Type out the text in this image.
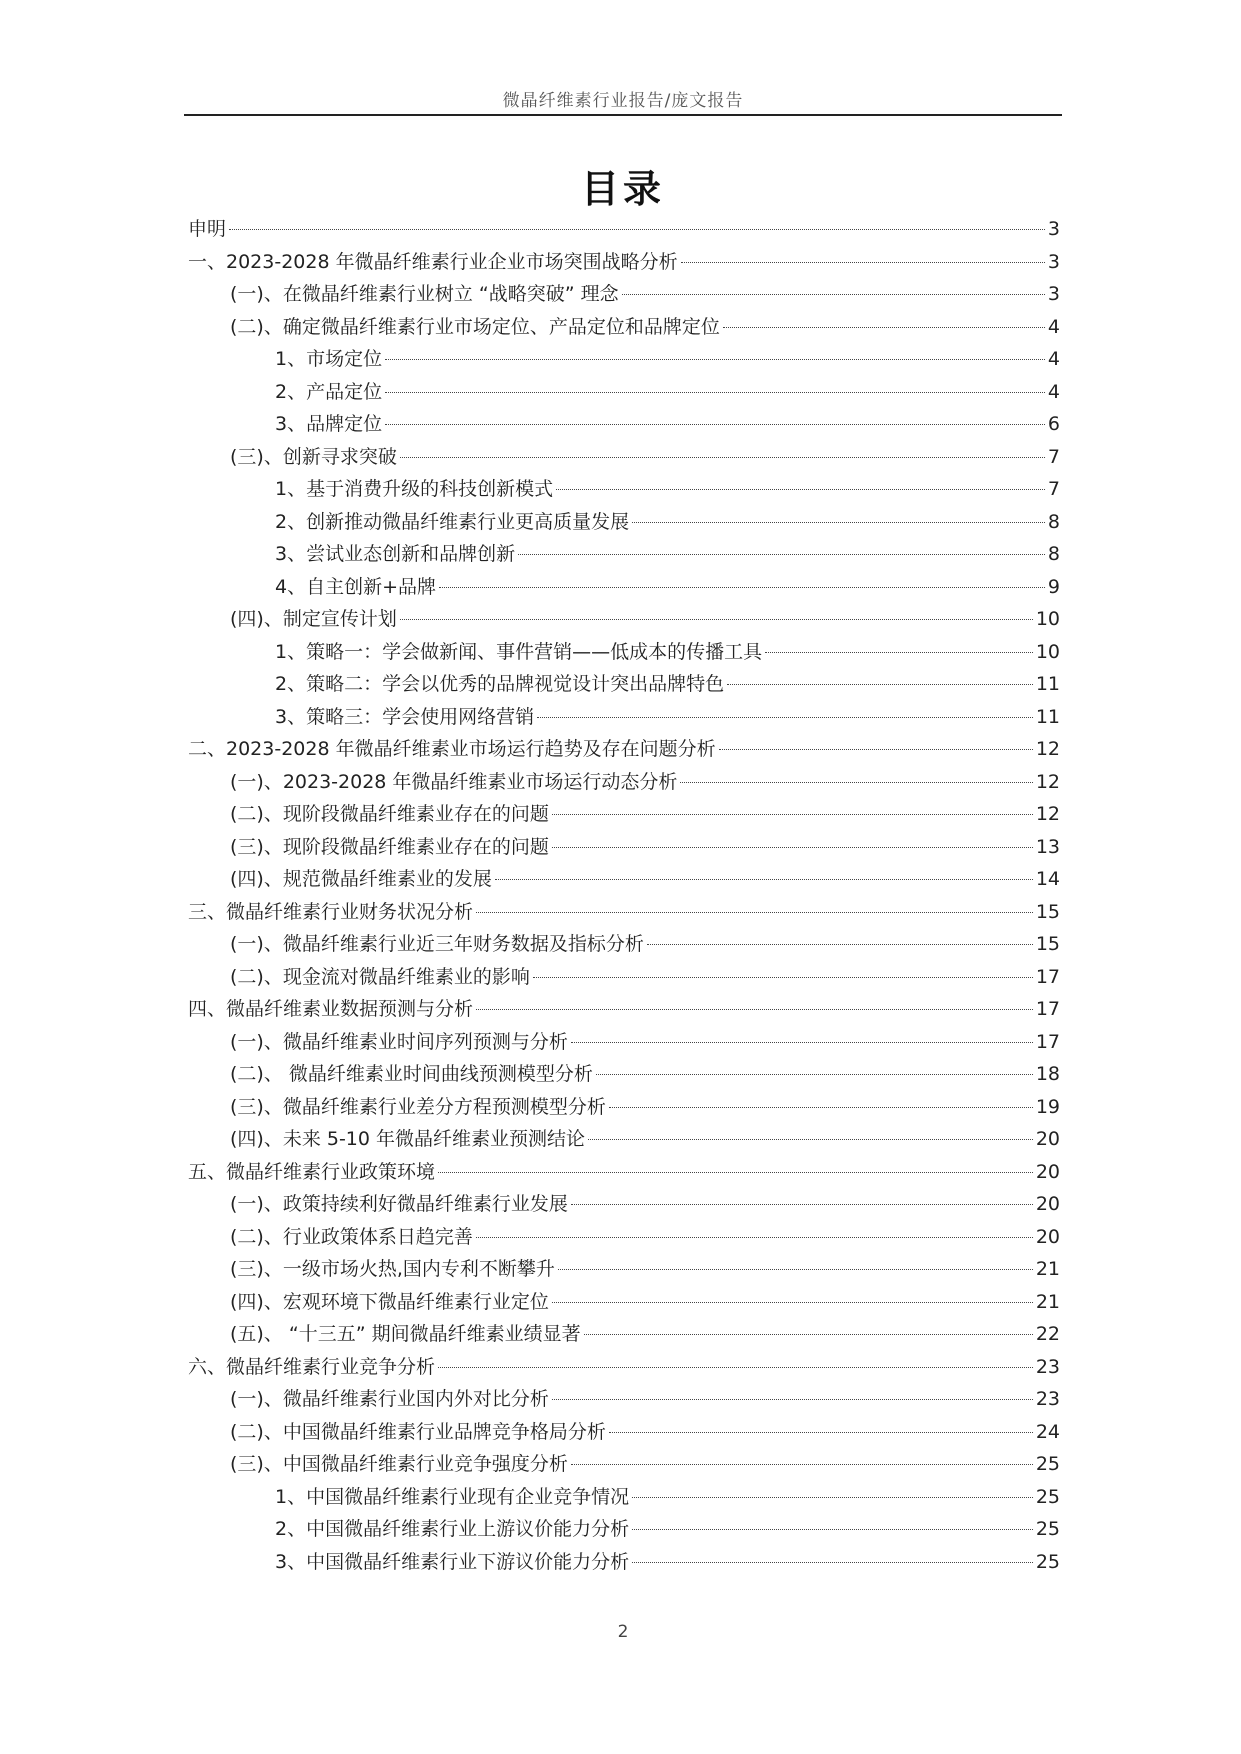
微晶纤维素行业报告/庞文报告
目录
申明	3
一、2023-2028 年微晶纤维素行业企业市场突围战略分析	3
(一)、在微晶纤维素行业树立 “战略突破” 理念	3
(二)、确定微晶纤维素行业市场定位、产品定位和品牌定位	4
1、市场定位	4
2、产品定位	4
3、品牌定位	6
(三)、创新寻求突破	7
1、基于消费升级的科技创新模式	7
2、创新推动微晶纤维素行业更高质量发展	8
3、尝试业态创新和品牌创新	8
4、自主创新+品牌	9
(四)、制定宣传计划	10
1、策略一：学会做新闻、事件营销——低成本的传播工具	10
2、策略二：学会以优秀的品牌视觉设计突出品牌特色	11
3、策略三：学会使用网络营销	11
二、2023-2028 年微晶纤维素业市场运行趋势及存在问题分析	12
(一)、2023-2028 年微晶纤维素业市场运行动态分析	12
(二)、现阶段微晶纤维素业存在的问题	12
(三)、现阶段微晶纤维素业存在的问题	13
(四)、规范微晶纤维素业的发展	14
三、微晶纤维素行业财务状况分析	15
(一)、微晶纤维素行业近三年财务数据及指标分析	15
(二)、现金流对微晶纤维素业的影响	17
四、微晶纤维素业数据预测与分析	17
(一)、微晶纤维素业时间序列预测与分析	17
(二)、 微晶纤维素业时间曲线预测模型分析	18
(三)、微晶纤维素行业差分方程预测模型分析	19
(四)、未来 5-10 年微晶纤维素业预测结论	20
五、微晶纤维素行业政策环境	20
(一)、政策持续利好微晶纤维素行业发展	20
(二)、行业政策体系日趋完善	20
(三)、一级市场火热,国内专利不断攀升	21
(四)、宏观环境下微晶纤维素行业定位	21
(五)、 “十三五” 期间微晶纤维素业绩显著	22
六、微晶纤维素行业竞争分析	23
(一)、微晶纤维素行业国内外对比分析	23
(二)、中国微晶纤维素行业品牌竞争格局分析	24
(三)、中国微晶纤维素行业竞争强度分析	25
1、中国微晶纤维素行业现有企业竞争情况	25
2、中国微晶纤维素行业上游议价能力分析	25
3、中国微晶纤维素行业下游议价能力分析	25
2
